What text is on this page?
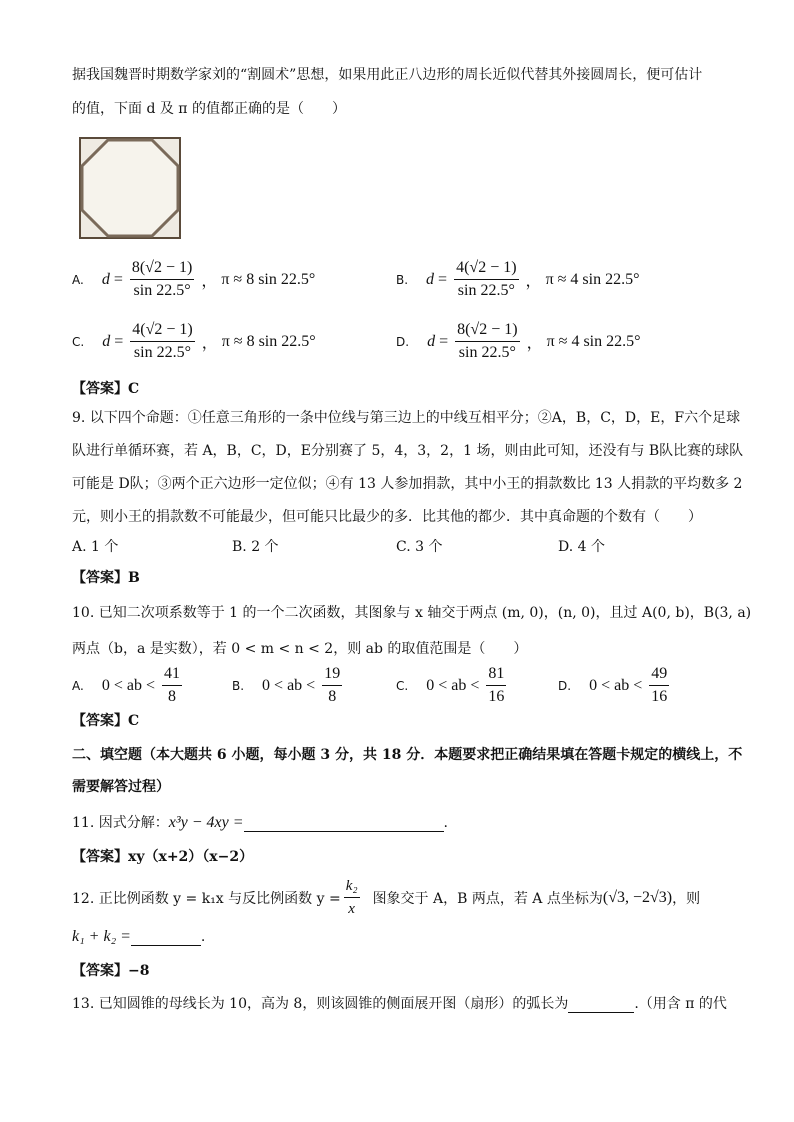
据我国魏晋时期数学家刘的“割圆术”思想，如果用此正八边形的周长近似代替其外接圆周长，便可估计
的值，下面 d 及 π 的值都正确的是（　　）
A. $d = \frac{8(√2 - 1)}{\sin 22.5^\circ}$ ， π ≈ 8 sin 22.5°	B. $d = \frac{4(√2 - 1)}{\sin 22.5^\circ}$ ， π ≈ 4 sin 22.5°
C. $d = \frac{4(√2 - 1)}{\sin 22.5^\circ}$ ， π ≈ 8 sin 22.5°	D. $d = \frac{8(√2 - 1)}{\sin 22.5^\circ}$ ， π ≈ 4 sin 22.5°
【答案】C
9. 以下四个命题：①任意三角形的一条中位线与第三边上的中线互相平分；②A，B，C，D，E，F六个足球
队进行单循环赛，若 A，B，C，D，E分别赛了 5，4，3，2，1 场，则由此可知，还没有与 B队比赛的球队
可能是 D队；③两个正六边形一定位似；④有 13 人参加捐款，其中小王的捐款数比 13 人捐款的平均数多 2
元，则小王的捐款数不可能最少，但可能只比最少的多．比其他的都少．其中真命题的个数有（　　）
A. 1 个	B. 2 个	C. 3 个	D. 4 个
【答案】B
10. 已知二次项系数等于 1 的一个二次函数，其图象与 x 轴交于两点 (m, 0)，(n, 0)，且过 A(0, b)，B(3, a)
两点（b，a 是实数），若 0 < m < n < 2，则 ab 的取值范围是（　　）
A. 0 < ab < $\frac{41}{8}$	B. 0 < ab < $\frac{19}{8}$	C. 0 < ab < $\frac{81}{16}$	D. 0 < ab < $\frac{49}{16}$
【答案】C
二、填空题（本大题共 6 小题，每小题 3 分，共 18 分．本题要求把正确结果填在答题卡规定的横线上，不
需要解答过程）
11. 因式分解： x³y − 4xy =	.
【答案】xy（x+2）（x−2）
12. 正比例函数 y = k₁x 与反比例函数 $y = \frac{\text{k₂}}{x}$ 图象交于 A，B 两点，若 A 点坐标为 (√3, −2√3) ，则
k₁ + k₂ =	.
【答案】−8
13. 已知圆锥的母线长为 10，高为 8，则该圆锥的侧面展开图（扇形）的弧长为	.（用含 π 的代
